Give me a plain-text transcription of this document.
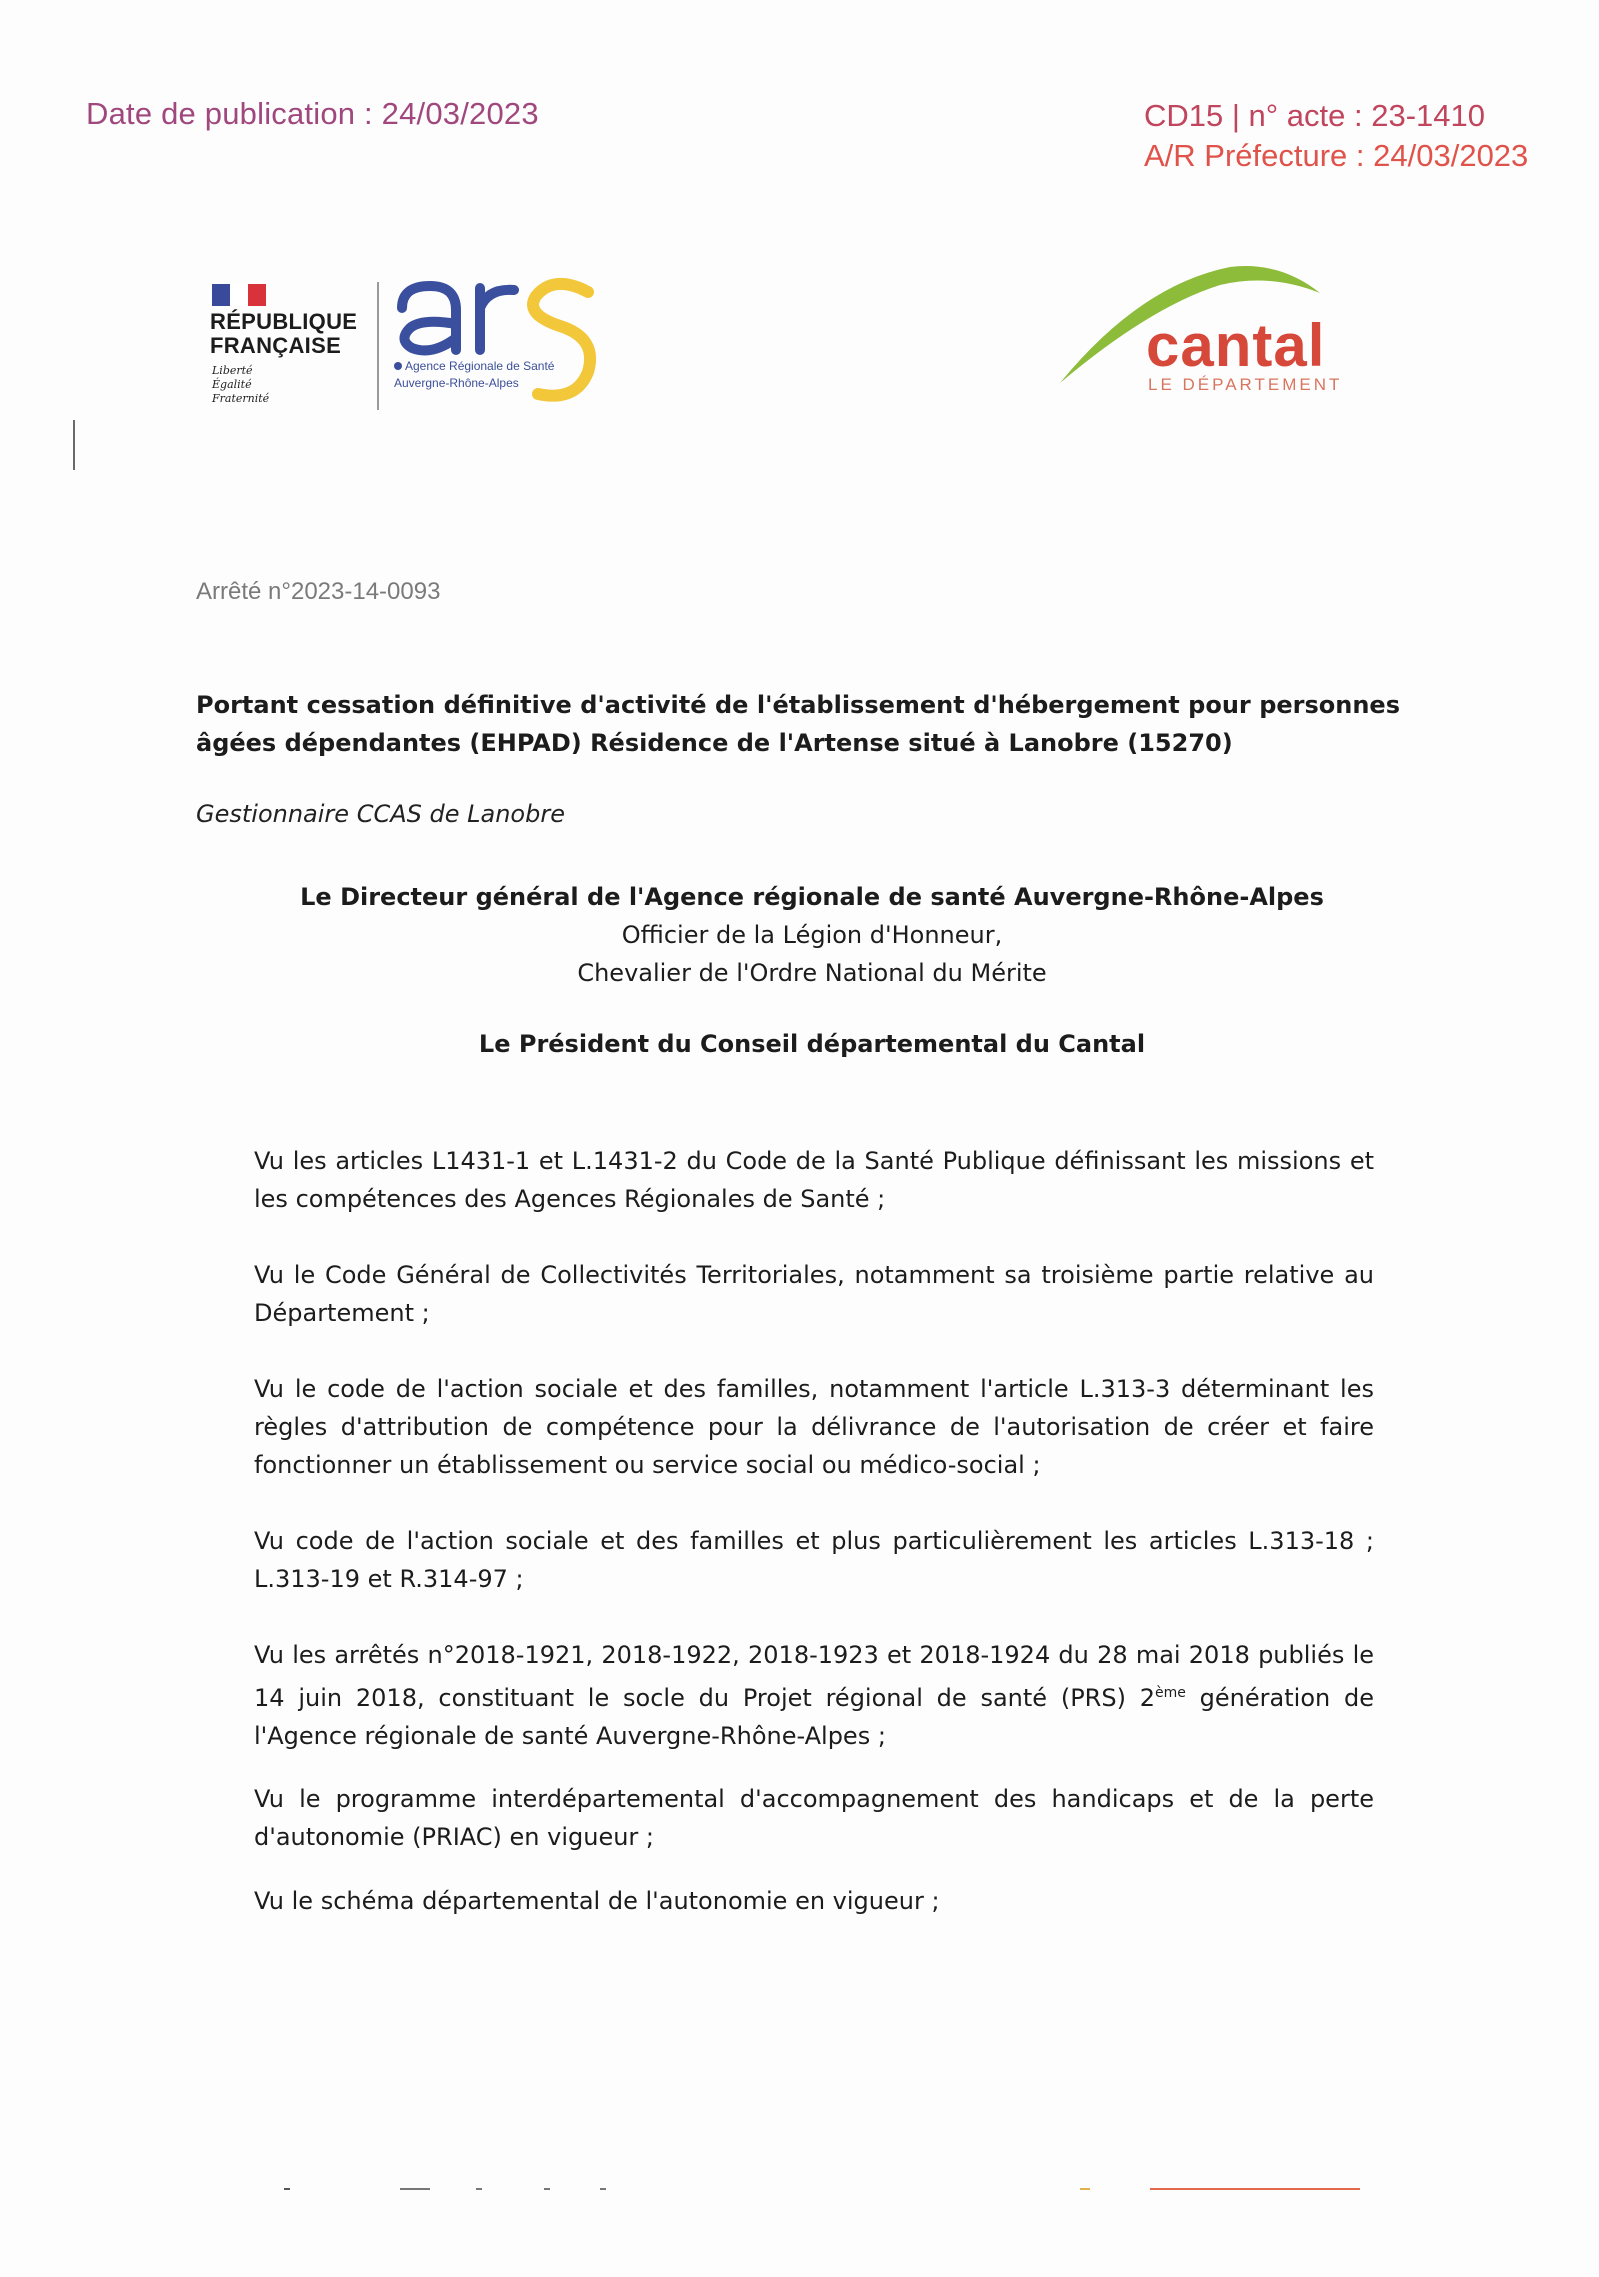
Date de publication : 24/03/2023	CD15 | n° acte : 23-1410
A/R Préfecture : 24/03/2023
RÉPUBLIQUE
FRANÇAISE
Liberté
Égalité
Fraternité
Agence Régionale de Santé
Auvergne-Rhône-Alpes
cantal
LE DÉPARTEMENT
Arrêté n°2023-14-0093
Portant cessation définitive d'activité de l'établissement d'hébergement pour personnes âgées dépendantes (EHPAD) Résidence de l'Artense situé à Lanobre (15270)
Gestionnaire CCAS de Lanobre
Le Directeur général de l'Agence régionale de santé Auvergne-Rhône-Alpes
Officier de la Légion d'Honneur,
Chevalier de l'Ordre National du Mérite
Le Président du Conseil départemental du Cantal
Vu les articles L1431-1 et L.1431-2 du Code de la Santé Publique définissant les missions et les compétences des Agences Régionales de Santé ;
Vu le Code Général de Collectivités Territoriales, notamment sa troisième partie relative au Département ;
Vu le code de l'action sociale et des familles, notamment l'article L.313-3 déterminant les règles d'attribution de compétence pour la délivrance de l'autorisation de créer et faire fonctionner un établissement ou service social ou médico-social ;
Vu code de l'action sociale et des familles et plus particulièrement les articles L.313-18 ; L.313-19 et R.314-97 ;
Vu les arrêtés n°2018-1921, 2018-1922, 2018-1923 et 2018-1924 du 28 mai 2018 publiés le 14 juin 2018, constituant le socle du Projet régional de santé (PRS) 2ème génération de l'Agence régionale de santé Auvergne-Rhône-Alpes ;
Vu le programme interdépartemental d'accompagnement des handicaps et de la perte d'autonomie (PRIAC) en vigueur ;
Vu le schéma départemental de l'autonomie en vigueur ;
